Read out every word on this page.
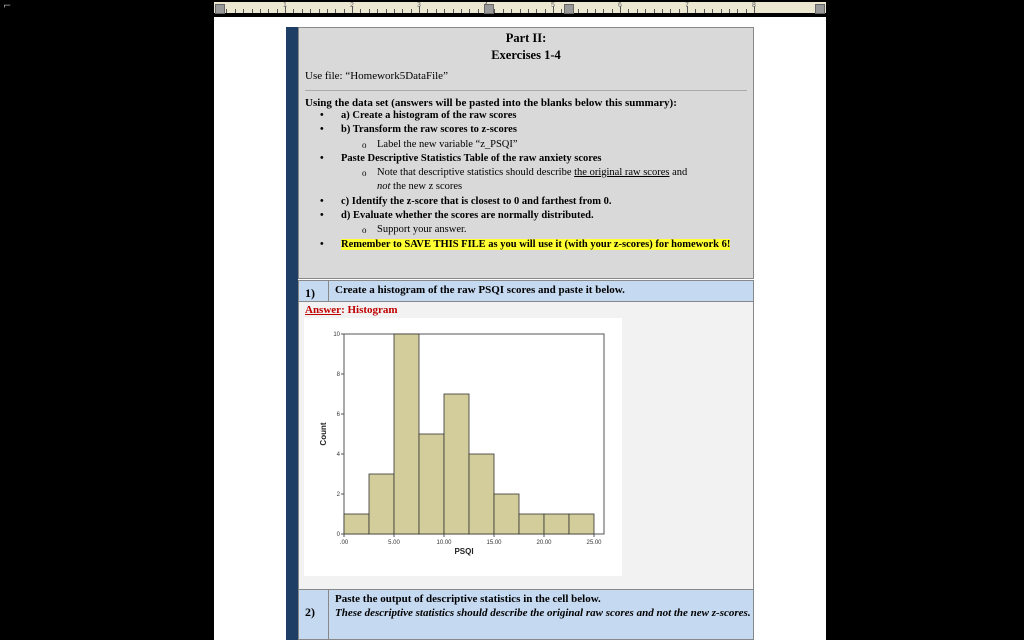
⌐	1	2	3	5	6	7	8
Part II:
Exercises 1-4
Use file: “Homework5DataFile”
Using the data set (answers will be pasted into the blanks below this summary):
• a) Create a histogram of the raw scores
• b) Transform the raw scores to z-scores
o Label the new variable “z_PSQI”
• Paste Descriptive Statistics Table of the raw anxiety scores
o Note that descriptive statistics should describe the original raw scores and
not the new z scores
• c) Identify the z-score that is closest to 0 and farthest from 0.
• d) Evaluate whether the scores are normally distributed.
o Support your answer.
• Remember to SAVE THIS FILE as you will use it (with your z-scores) for homework 6!
1)	Create a histogram of the raw PSQI scores and paste it below.
Answer: Histogram
0
2
4
6
8
10
.00	5.00	10.00	15.00	20.00	25.00
PSQI
Count
2)
Paste the output of descriptive statistics in the cell below.
These descriptive statistics should describe the original raw scores and not the new z-scores.
